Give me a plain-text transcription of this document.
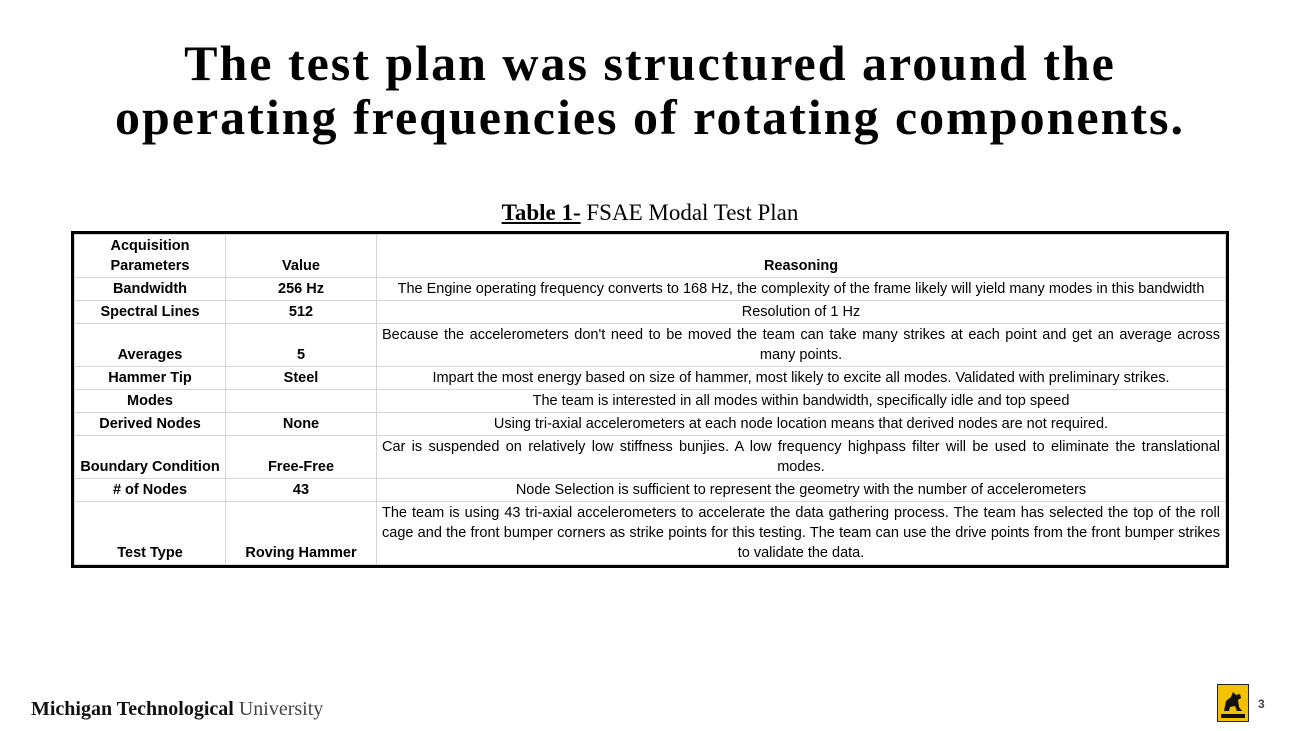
The test plan was structured around the operating frequencies of rotating components.
Table 1- FSAE Modal Test Plan
Acquisition Parameters	Value	Reasoning
Bandwidth	256 Hz	The Engine operating frequency converts to 168 Hz, the complexity of the frame likely will yield many modes in this bandwidth
Spectral Lines	512	Resolution of 1 Hz
Averages	5	Because the accelerometers don't need to be moved the team can take many strikes at each point and get an average across many points.
Hammer Tip	Steel	Impart the most energy based on size of hammer, most likely to excite all modes. Validated with preliminary strikes.
Modes		The team is interested in all modes within bandwidth, specifically idle and top speed
Derived Nodes	None	Using tri-axial accelerometers at each node location means that derived nodes are not required.
Boundary Condition	Free-Free	Car is suspended on relatively low stiffness bunjies. A low frequency highpass filter will be used to eliminate the translational modes.
# of Nodes	43	Node Selection is sufficient to represent the geometry with the number of accelerometers
Test Type	Roving Hammer	The team is using 43 tri-axial accelerometers to accelerate the data gathering process. The team has selected the top of the roll cage and the front bumper corners as strike points for this testing. The team can use the drive points from the front bumper strikes to validate the data.
Michigan Technological University	3
